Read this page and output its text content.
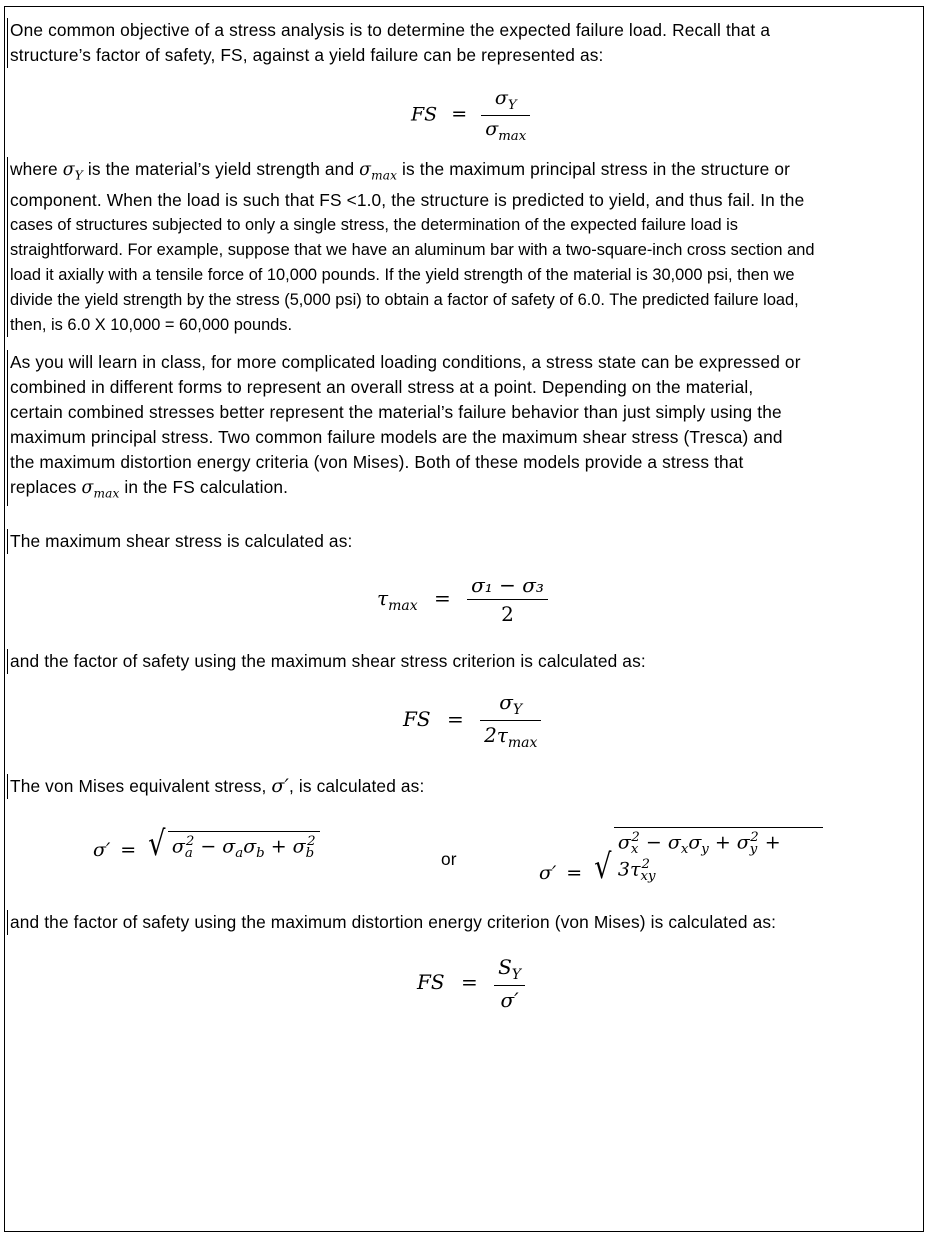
One common objective of a stress analysis is to determine the expected failure load. Recall that a
structure’s factor of safety, FS, against a yield failure can be represented as:
FS = $\frac{\sigma_Y}{\sigma_{max}}$
where $\sigma_Y$ is the material’s yield strength and $\sigma_{max}$ is the maximum principal stress in the structure or
component. When the load is such that FS <1.0, the structure is predicted to yield, and thus fail. In the
cases of structures subjected to only a single stress, the determination of the expected failure load is
straightforward. For example, suppose that we have an aluminum bar with a two-square-inch cross section and
load it axially with a tensile force of 10,000 pounds. If the yield strength of the material is 30,000 psi, then we
divide the yield strength by the stress (5,000 psi) to obtain a factor of safety of 6.0. The predicted failure load,
then, is 6.0 X 10,000 = 60,000 pounds.
As you will learn in class, for more complicated loading conditions, a stress state can be expressed or
combined in different forms to represent an overall stress at a point. Depending on the material,
certain combined stresses better represent the material’s failure behavior than just simply using the
maximum principal stress. Two common failure models are the maximum shear stress (Tresca) and
the maximum distortion energy criteria (von Mises). Both of these models provide a stress that
replaces $\sigma_{max}$ in the FS calculation.
The maximum shear stress is calculated as:
$\tau_{max} = \frac{\text{σ₁ − σ₃}}{2}$
and the factor of safety using the maximum shear stress criterion is calculated as:
FS = $\frac{\sigma_Y}{2\tau_{max}}$
The von Mises equivalent stress, σ′, is calculated as:
σ′ = √ $\sigma_a^2 - \sigma_a\sigma_b + \sigma_b^2$
or
σ′ = √
$\sigma_x^2 - \sigma_x\sigma_y + \sigma_y^2 + 3\tau_{xy}^2$
and the factor of safety using the maximum distortion energy criterion (von Mises) is calculated as:
FS = $\frac{S_Y}{\sigma'}$
